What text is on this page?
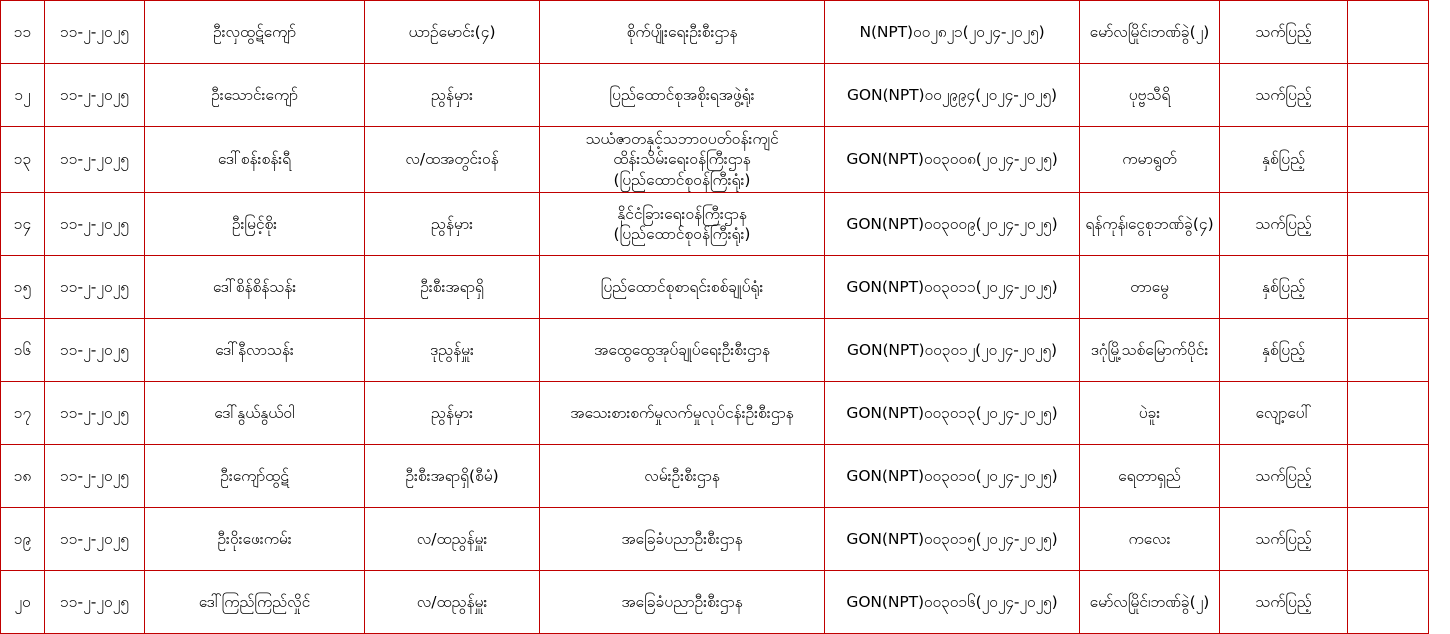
၁၁	၁၁-၂-၂၀၂၅	ဦးလှထွဋ်ကျော်	ယာဉ်မောင်း(၄)	စိုက်ပျိုးရေးဦးစီးဌာန	N(NPT)၀၀၂၈၂၁(၂၀၂၄-၂၀၂၅)	မော်လမြိုင်၊ဘဏ်ခွဲ(၂)	သက်ပြည့်	
၁၂	၁၁-၂-၂၀၂၅	ဦးသောင်းကျော်	ညွန်မှား	ပြည်ထောင်စုအစိုးရအဖွဲ့ရုံး	GON(NPT)၀၀၂၉၉၄(၂၀၂၄-၂၀၂၅)	ပုဗ္ဗသီရိ	သက်ပြည့်	
၁၃	၁၁-၂-၂၀၂၅	ဒေါ်စန်းစန်းရီ	လ/ထအတွင်းဝန်	သယံဇာတနှင့်သဘာဝပတ်ဝန်းကျင်
ထိန်းသိမ်းရေးဝန်ကြီးဌာန
(ပြည်ထောင်စုဝန်ကြီးရုံး)	GON(NPT)၀၀၃၀၀၈(၂၀၂၄-၂၀၂၅)	ကမာရွတ်	နှစ်ပြည့်	
၁၄	၁၁-၂-၂၀၂၅	ဦးမြင့်စိုး	ညွန်မှား	နိုင်ငံခြားရေးဝန်ကြီးဌာန
(ပြည်ထောင်စုဝန်ကြီးရုံး)	GON(NPT)၀၀၃၀၀၉(၂၀၂၄-၂၀၂၅)	ရန်ကုန်၊ငွေစုဘဏ်ခွဲ(၄)	သက်ပြည့်	
၁၅	၁၁-၂-၂၀၂၅	ဒေါ်စိန်စိန်သန်း	ဦးစီးအရာရှိ	ပြည်ထောင်စုစာရင်းစစ်ချုပ်ရုံး	GON(NPT)၀၀၃၀၁၁(၂၀၂၄-၂၀၂၅)	တာမွေ	နှစ်ပြည့်	
၁၆	၁၁-၂-၂၀၂၅	ဒေါ်နီလာသန်း	ဒုညွန်မှူး	အထွေထွေအုပ်ချုပ်ရေးဦးစီးဌာန	GON(NPT)၀၀၃၀၁၂(၂၀၂၄-၂၀၂၅)	ဒဂုံမြို့သစ်မြောက်ပိုင်း	နှစ်ပြည့်	
၁၇	၁၁-၂-၂၀၂၅	ဒေါ်နွယ်နွယ်ဝါ	ညွန်မှား	အသေးစားစက်မှုလက်မှုလုပ်ငန်းဦးစီးဌာန	GON(NPT)၀၀၃၀၁၃(၂၀၂၄-၂၀၂၅)	ပဲခူး	လျော့ပေါ်	
၁၈	၁၁-၂-၂၀၂၅	ဦးကျော်ထွဋ်	ဦးစီးအရာရှိ(စီမံ)	လမ်းဦးစီးဌာန	GON(NPT)၀၀၃၀၁၀(၂၀၂၄-၂၀၂၅)	ရေတာရှည်	သက်ပြည့်	
၁၉	၁၁-၂-၂၀၂၅	ဦးဝိုးဖေးကမ်း	လ/ထညွန်မှူး	အခြေခံပညာဦးစီးဌာန	GON(NPT)၀၀၃၀၁၅(၂၀၂၄-၂၀၂၅)	ကလေး	သက်ပြည့်	
၂၀	၁၁-၂-၂၀၂၅	ဒေါ်ကြည်ကြည်လှိုင်	လ/ထညွန်မှူး	အခြေခံပညာဦးစီးဌာန	GON(NPT)၀၀၃၀၁၆(၂၀၂၄-၂၀၂၅)	မော်လမြိုင်၊ဘဏ်ခွဲ(၂)	သက်ပြည့်	
